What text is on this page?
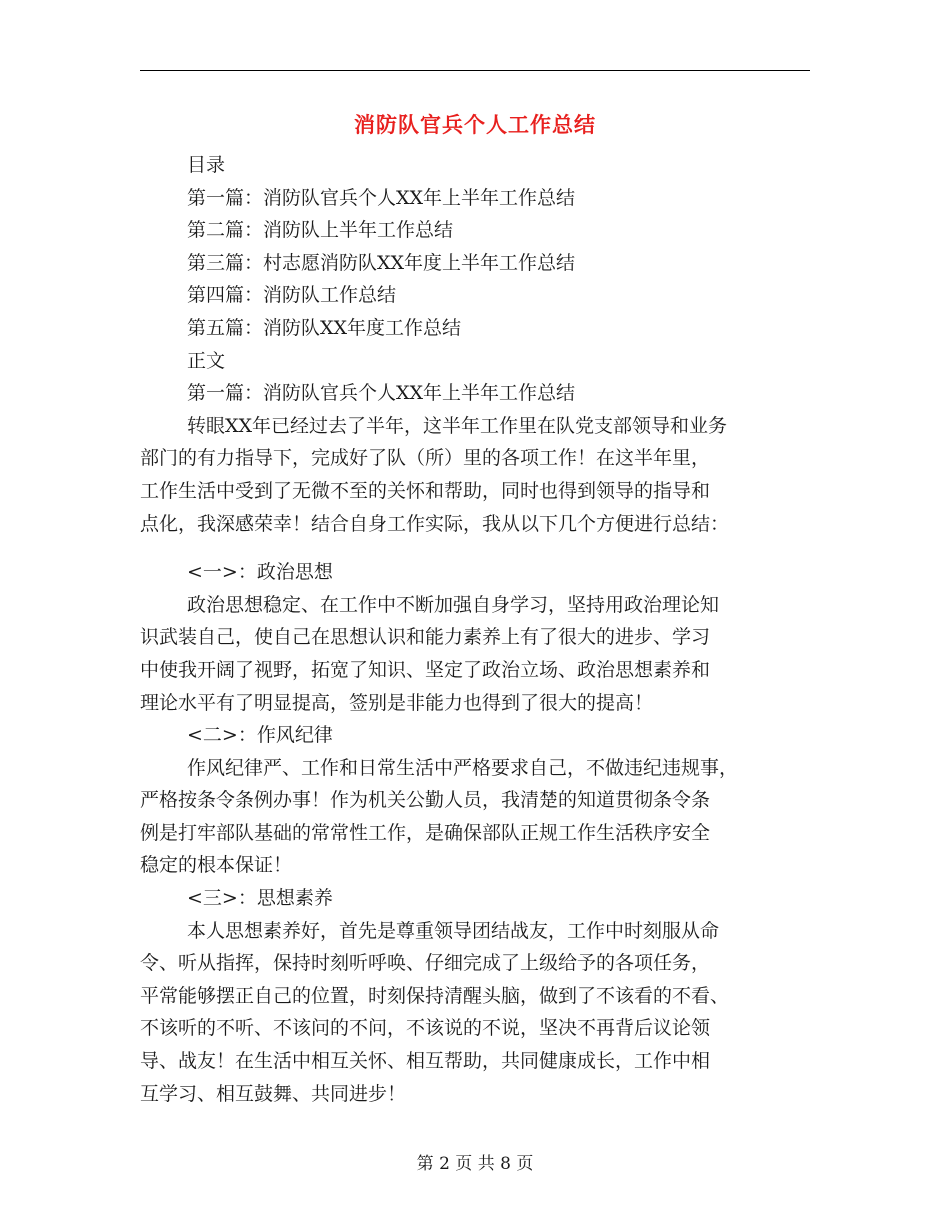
消防队官兵个人工作总结
目录
第一篇：消防队官兵个人XX年上半年工作总结
第二篇：消防队上半年工作总结
第三篇：村志愿消防队XX年度上半年工作总结
第四篇：消防队工作总结
第五篇：消防队XX年度工作总结
正文
第一篇：消防队官兵个人XX年上半年工作总结
转眼XX年已经过去了半年，这半年工作里在队党支部领导和业务
部门的有力指导下，完成好了队（所）里的各项工作！在这半年里，
工作生活中受到了无微不至的关怀和帮助，同时也得到领导的指导和
点化，我深感荣幸！结合自身工作实际，我从以下几个方便进行总结：
<一>：政治思想
政治思想稳定、在工作中不断加强自身学习，坚持用政治理论知
识武装自己，使自己在思想认识和能力素养上有了很大的进步、学习
中使我开阔了视野，拓宽了知识、坚定了政治立场、政治思想素养和
理论水平有了明显提高，签别是非能力也得到了很大的提高！
<二>：作风纪律
作风纪律严、工作和日常生活中严格要求自己，不做违纪违规事，
严格按条令条例办事！作为机关公勤人员，我清楚的知道贯彻条令条
例是打牢部队基础的常常性工作，是确保部队正规工作生活秩序安全
稳定的根本保证！
<三>：思想素养
本人思想素养好，首先是尊重领导团结战友，工作中时刻服从命
令、听从指挥，保持时刻听呼唤、仔细完成了上级给予的各项任务，
平常能够摆正自己的位置，时刻保持清醒头脑，做到了不该看的不看、
不该听的不听、不该问的不问，不该说的不说，坚决不再背后议论领
导、战友！在生活中相互关怀、相互帮助，共同健康成长，工作中相
互学习、相互鼓舞、共同进步！
第 2 页 共 8 页
